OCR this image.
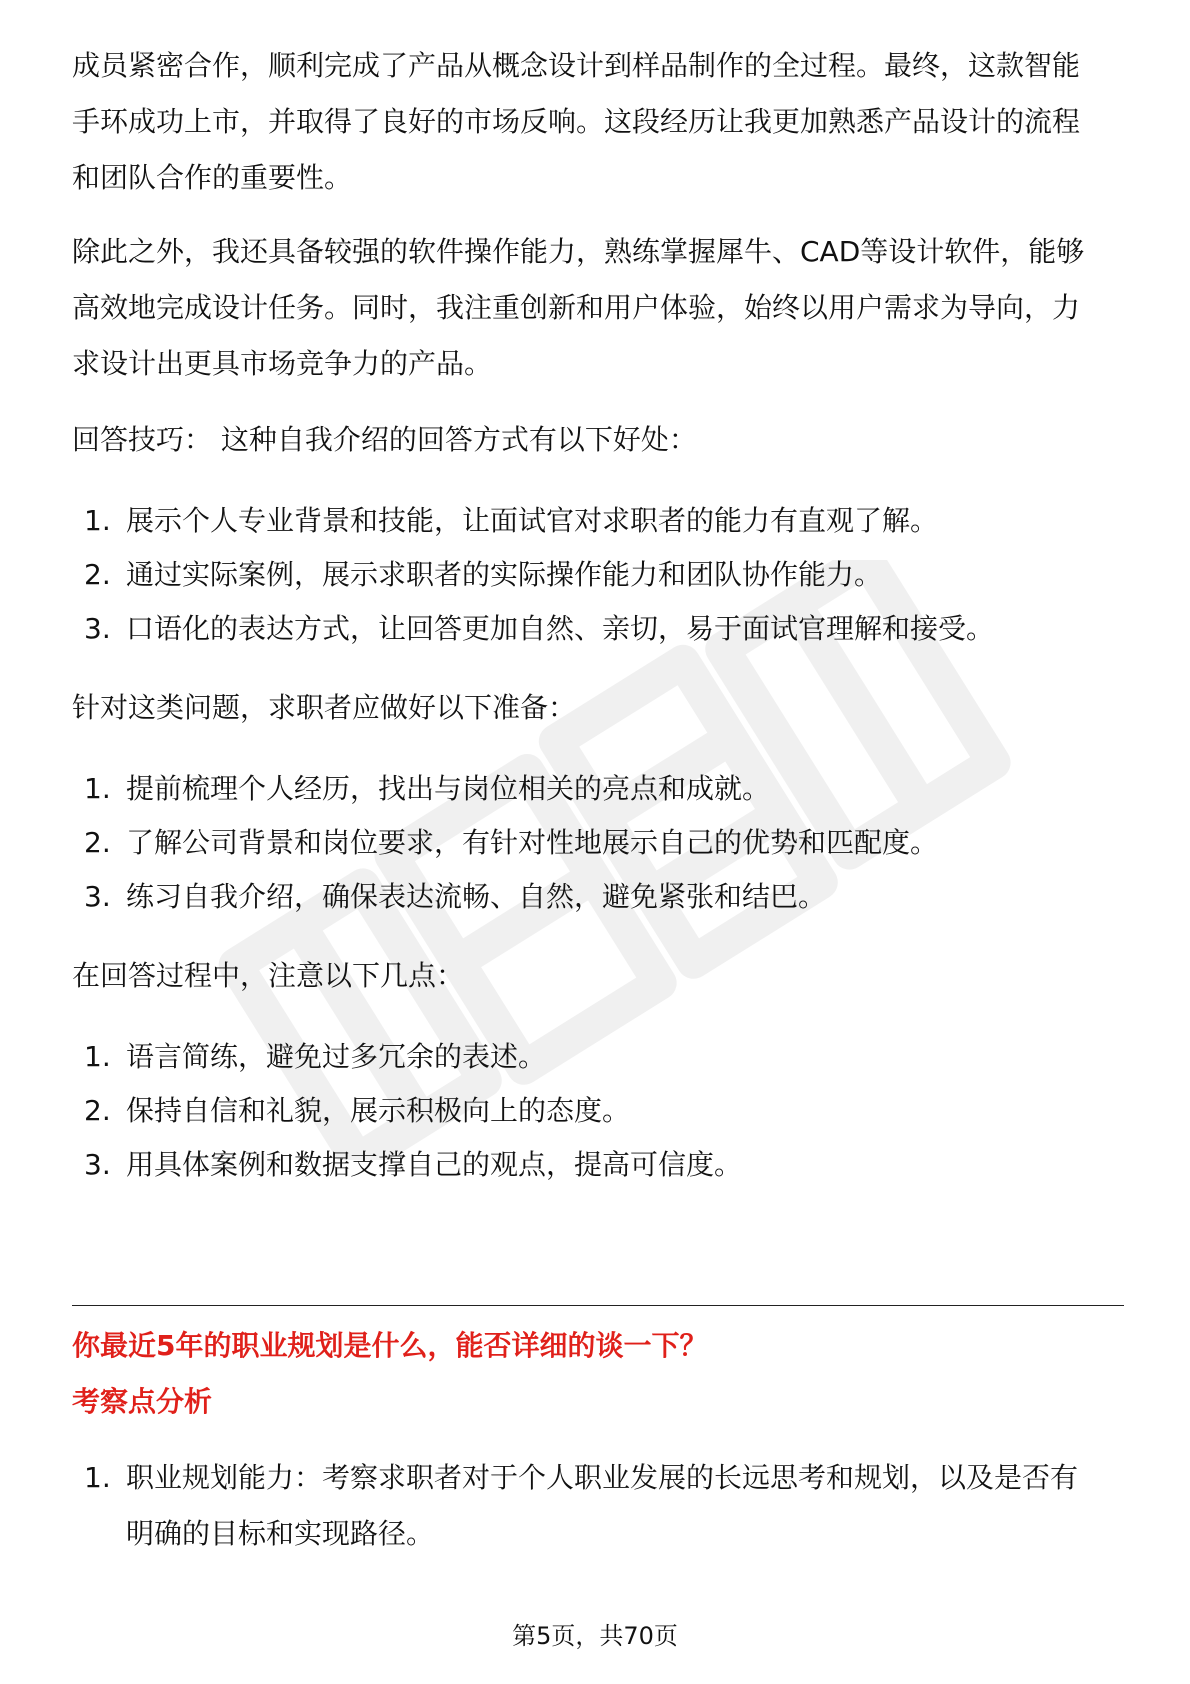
成员紧密合作，顺利完成了产品从概念设计到样品制作的全过程。最终，这款智能
手环成功上市，并取得了良好的市场反响。这段经历让我更加熟悉产品设计的流程
和团队合作的重要性。

除此之外，我还具备较强的软件操作能力，熟练掌握犀牛、CAD等设计软件，能够
高效地完成设计任务。同时，我注重创新和用户体验，始终以用户需求为导向，力
求设计出更具市场竞争力的产品。

回答技巧： 这种自我介绍的回答方式有以下好处：

1. 展示个人专业背景和技能，让面试官对求职者的能力有直观了解。
2. 通过实际案例，展示求职者的实际操作能力和团队协作能力。
3. 口语化的表达方式，让回答更加自然、亲切，易于面试官理解和接受。

针对这类问题，求职者应做好以下准备：

1. 提前梳理个人经历，找出与岗位相关的亮点和成就。
2. 了解公司背景和岗位要求，有针对性地展示自己的优势和匹配度。
3. 练习自我介绍，确保表达流畅、自然，避免紧张和结巴。

在回答过程中，注意以下几点：

1. 语言简练，避免过多冗余的表述。
2. 保持自信和礼貌，展示积极向上的态度。
3. 用具体案例和数据支撑自己的观点，提高可信度。
你最近5年的职业规划是什么，能否详细的谈一下？
考察点分析
1. 职业规划能力：考察求职者对于个人职业发展的长远思考和规划，以及是否有
明确的目标和实现路径。
第5页，共70页
